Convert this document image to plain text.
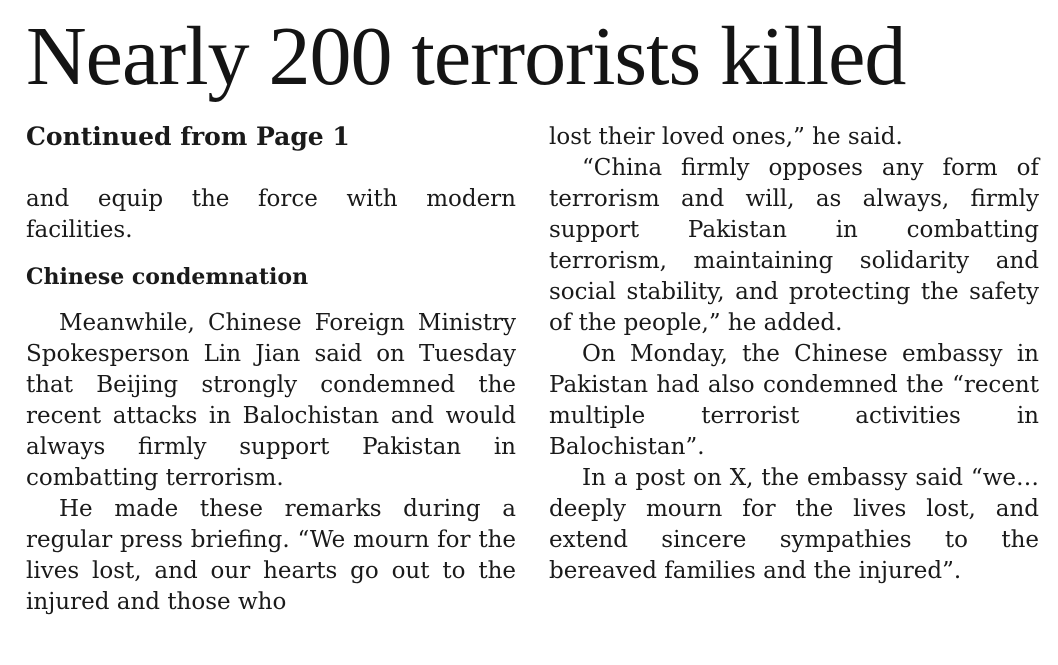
Nearly 200 terrorists killed
Continued from Page 1

and equip the force with modern facilities.

Chinese condemnation

Meanwhile, Chinese Foreign Ministry Spokesperson Lin Jian said on Tuesday that Beijing strongly condemned the recent attacks in Balochistan and would always firmly support Pakistan in combatting terrorism.

He made these remarks during a regular press briefing. “We mourn for the lives lost, and our hearts go out to the injured and those who

lost their loved ones,” he said.

“China firmly opposes any form of terrorism and will, as always, firmly support Pakistan in combatting terrorism, maintaining solidarity and social stability, and protecting the safety of the people,” he added.

On Monday, the Chinese embassy in Pakistan had also condemned the “recent multiple terrorist activities in Balochistan”.

In a post on X, the embassy said “we… deeply mourn for the lives lost, and extend sincere sympathies to the bereaved families and the injured”.
